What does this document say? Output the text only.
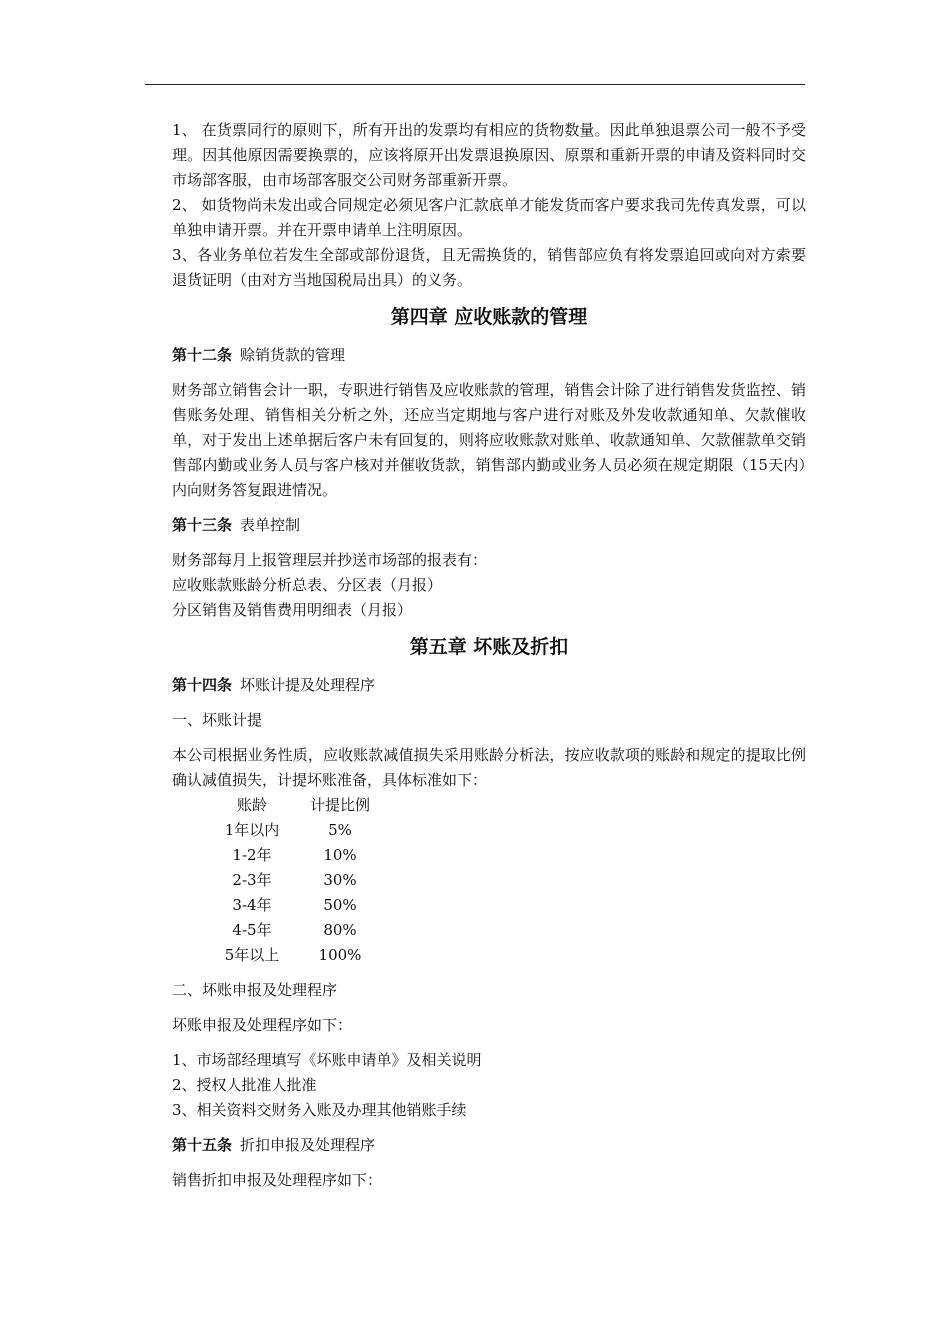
1、 在货票同行的原则下，所有开出的发票均有相应的货物数量。因此单独退票公司一般不予受理。因其他原因需要换票的，应该将原开出发票退换原因、原票和重新开票的申请及资料同时交市场部客服，由市场部客服交公司财务部重新开票。

2、 如货物尚未发出或合同规定必须见客户汇款底单才能发货而客户要求我司先传真发票，可以单独申请开票。并在开票申请单上注明原因。

3、各业务单位若发生全部或部份退货，且无需换货的，销售部应负有将发票追回或向对方索要退货证明（由对方当地国税局出具）的义务。

第四章 应收账款的管理
第十二条 赊销货款的管理

财务部立销售会计一职，专职进行销售及应收账款的管理，销售会计除了进行销售发货监控、销售账务处理、销售相关分析之外，还应当定期地与客户进行对账及外发收款通知单、欠款催收单，对于发出上述单据后客户未有回复的，则将应收账款对账单、收款通知单、欠款催款单交销售部内勤或业务人员与客户核对并催收货款，销售部内勤或业务人员必须在规定期限（15天内）内向财务答复跟进情况。

第十三条 表单控制

财务部每月上报管理层并抄送市场部的报表有：

应收账款账龄分析总表、分区表（月报）

分区销售及销售费用明细表（月报）

第五章 坏账及折扣
第十四条 坏账计提及处理程序
一、坏账计提

本公司根据业务性质，应收账款减值损失采用账龄分析法，按应收款项的账龄和规定的提取比例确认减值损失，计提坏账准备，具体标准如下：

账龄	计提比例
1年以内	5%
1-2年	10%
2-3年	30%
3-4年	50%
4-5年	80%
5年以上	100%
二、坏账申报及处理程序
坏账申报及处理程序如下：

1、市场部经理填写《坏账申请单》及相关说明

2、授权人批准人批准

3、相关资料交财务入账及办理其他销账手续

第十五条 折扣申报及处理程序
销售折扣申报及处理程序如下：
